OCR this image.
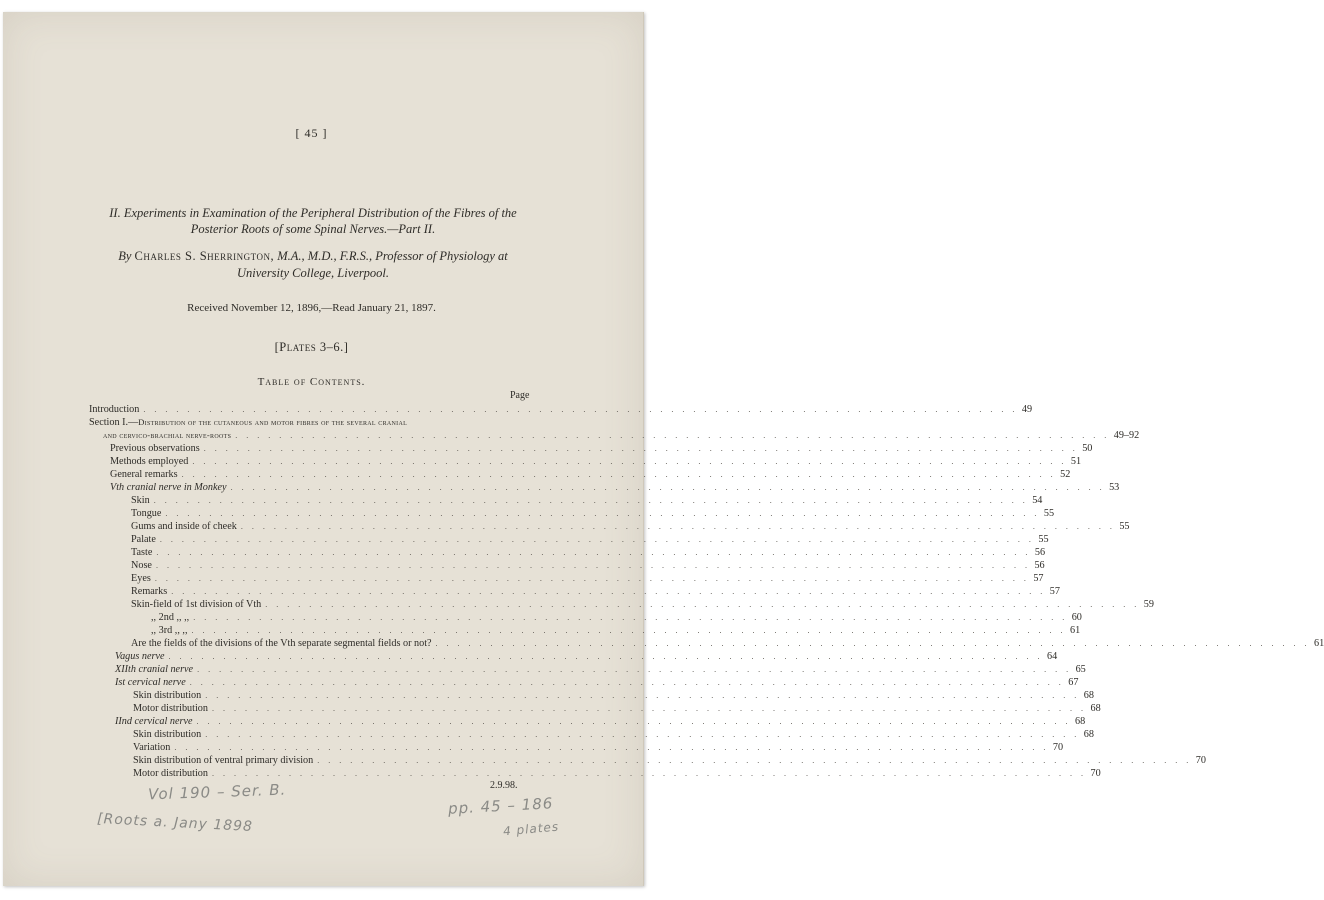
[ 45 ]
II. Experiments in Examination of the Peripheral Distribution of the Fibres of the
Posterior Roots of some Spinal Nerves.—Part II.
By Charles S. Sherrington, M.A., M.D., F.R.S., Professor of Physiology at
University College, Liverpool.
Received November 12, 1896,—Read January 21, 1897.
[Plates 3–6.]
Table of Contents.
Page
Introduction . . . . . . . . . . . . . . . . . . . . . . . . . . . . . . . . . . . . . . . . . . . . . . . . . . . . . . . . . . . . . . . . . . . . . . . . . . . . . . . . 49
Section I.—Distribution of the cutaneous and motor fibres of the several cranial
and cervico-brachial nerve-roots . . . . . . . . . . . . . . . . . . . . . . . . . . . . . . . . . . . . . . . . . . . . . . . . . . . . . . . . . . . . . . . . . . . . . . . . . . . . . . . . 49–92
Previous observations . . . . . . . . . . . . . . . . . . . . . . . . . . . . . . . . . . . . . . . . . . . . . . . . . . . . . . . . . . . . . . . . . . . . . . . . . . . . . . . . 50
Methods employed . . . . . . . . . . . . . . . . . . . . . . . . . . . . . . . . . . . . . . . . . . . . . . . . . . . . . . . . . . . . . . . . . . . . . . . . . . . . . . . . 51
General remarks . . . . . . . . . . . . . . . . . . . . . . . . . . . . . . . . . . . . . . . . . . . . . . . . . . . . . . . . . . . . . . . . . . . . . . . . . . . . . . . . 52
Vth cranial nerve in Monkey . . . . . . . . . . . . . . . . . . . . . . . . . . . . . . . . . . . . . . . . . . . . . . . . . . . . . . . . . . . . . . . . . . . . . . . . . . . . . . . . 53
Skin . . . . . . . . . . . . . . . . . . . . . . . . . . . . . . . . . . . . . . . . . . . . . . . . . . . . . . . . . . . . . . . . . . . . . . . . . . . . . . . . 54
Tongue . . . . . . . . . . . . . . . . . . . . . . . . . . . . . . . . . . . . . . . . . . . . . . . . . . . . . . . . . . . . . . . . . . . . . . . . . . . . . . . . 55
Gums and inside of cheek . . . . . . . . . . . . . . . . . . . . . . . . . . . . . . . . . . . . . . . . . . . . . . . . . . . . . . . . . . . . . . . . . . . . . . . . . . . . . . . . 55
Palate . . . . . . . . . . . . . . . . . . . . . . . . . . . . . . . . . . . . . . . . . . . . . . . . . . . . . . . . . . . . . . . . . . . . . . . . . . . . . . . . 55
Taste . . . . . . . . . . . . . . . . . . . . . . . . . . . . . . . . . . . . . . . . . . . . . . . . . . . . . . . . . . . . . . . . . . . . . . . . . . . . . . . . 56
Nose . . . . . . . . . . . . . . . . . . . . . . . . . . . . . . . . . . . . . . . . . . . . . . . . . . . . . . . . . . . . . . . . . . . . . . . . . . . . . . . . 56
Eyes . . . . . . . . . . . . . . . . . . . . . . . . . . . . . . . . . . . . . . . . . . . . . . . . . . . . . . . . . . . . . . . . . . . . . . . . . . . . . . . . 57
Remarks . . . . . . . . . . . . . . . . . . . . . . . . . . . . . . . . . . . . . . . . . . . . . . . . . . . . . . . . . . . . . . . . . . . . . . . . . . . . . . . . 57
Skin-field of 1st division of Vth . . . . . . . . . . . . . . . . . . . . . . . . . . . . . . . . . . . . . . . . . . . . . . . . . . . . . . . . . . . . . . . . . . . . . . . . . . . . . . . . 59
,, 2nd ,, ,, . . . . . . . . . . . . . . . . . . . . . . . . . . . . . . . . . . . . . . . . . . . . . . . . . . . . . . . . . . . . . . . . . . . . . . . . . . . . . . . . 60
,, 3rd ,, ,, . . . . . . . . . . . . . . . . . . . . . . . . . . . . . . . . . . . . . . . . . . . . . . . . . . . . . . . . . . . . . . . . . . . . . . . . . . . . . . . . 61
Are the fields of the divisions of the Vth separate segmental fields or not? . . . . . . . . . . . . . . . . . . . . . . . . . . . . . . . . . . . . . . . . . . . . . . . . . . . . . . . . . . . . . . . . . . . . . . . . . . . . . . . . 61
Vagus nerve . . . . . . . . . . . . . . . . . . . . . . . . . . . . . . . . . . . . . . . . . . . . . . . . . . . . . . . . . . . . . . . . . . . . . . . . . . . . . . . . 64
XIIth cranial nerve . . . . . . . . . . . . . . . . . . . . . . . . . . . . . . . . . . . . . . . . . . . . . . . . . . . . . . . . . . . . . . . . . . . . . . . . . . . . . . . . 65
Ist cervical nerve . . . . . . . . . . . . . . . . . . . . . . . . . . . . . . . . . . . . . . . . . . . . . . . . . . . . . . . . . . . . . . . . . . . . . . . . . . . . . . . . 67
Skin distribution . . . . . . . . . . . . . . . . . . . . . . . . . . . . . . . . . . . . . . . . . . . . . . . . . . . . . . . . . . . . . . . . . . . . . . . . . . . . . . . . 68
Motor distribution . . . . . . . . . . . . . . . . . . . . . . . . . . . . . . . . . . . . . . . . . . . . . . . . . . . . . . . . . . . . . . . . . . . . . . . . . . . . . . . . 68
IInd cervical nerve . . . . . . . . . . . . . . . . . . . . . . . . . . . . . . . . . . . . . . . . . . . . . . . . . . . . . . . . . . . . . . . . . . . . . . . . . . . . . . . . 68
Skin distribution . . . . . . . . . . . . . . . . . . . . . . . . . . . . . . . . . . . . . . . . . . . . . . . . . . . . . . . . . . . . . . . . . . . . . . . . . . . . . . . . 68
Variation . . . . . . . . . . . . . . . . . . . . . . . . . . . . . . . . . . . . . . . . . . . . . . . . . . . . . . . . . . . . . . . . . . . . . . . . . . . . . . . . 70
Skin distribution of ventral primary division . . . . . . . . . . . . . . . . . . . . . . . . . . . . . . . . . . . . . . . . . . . . . . . . . . . . . . . . . . . . . . . . . . . . . . . . . . . . . . . . 70
Motor distribution . . . . . . . . . . . . . . . . . . . . . . . . . . . . . . . . . . . . . . . . . . . . . . . . . . . . . . . . . . . . . . . . . . . . . . . . . . . . . . . . 70
2.9.98.
Vol 190 – Ser. B.
[Roots a. Jany 1898
pp. 45 – 186
4 plates
